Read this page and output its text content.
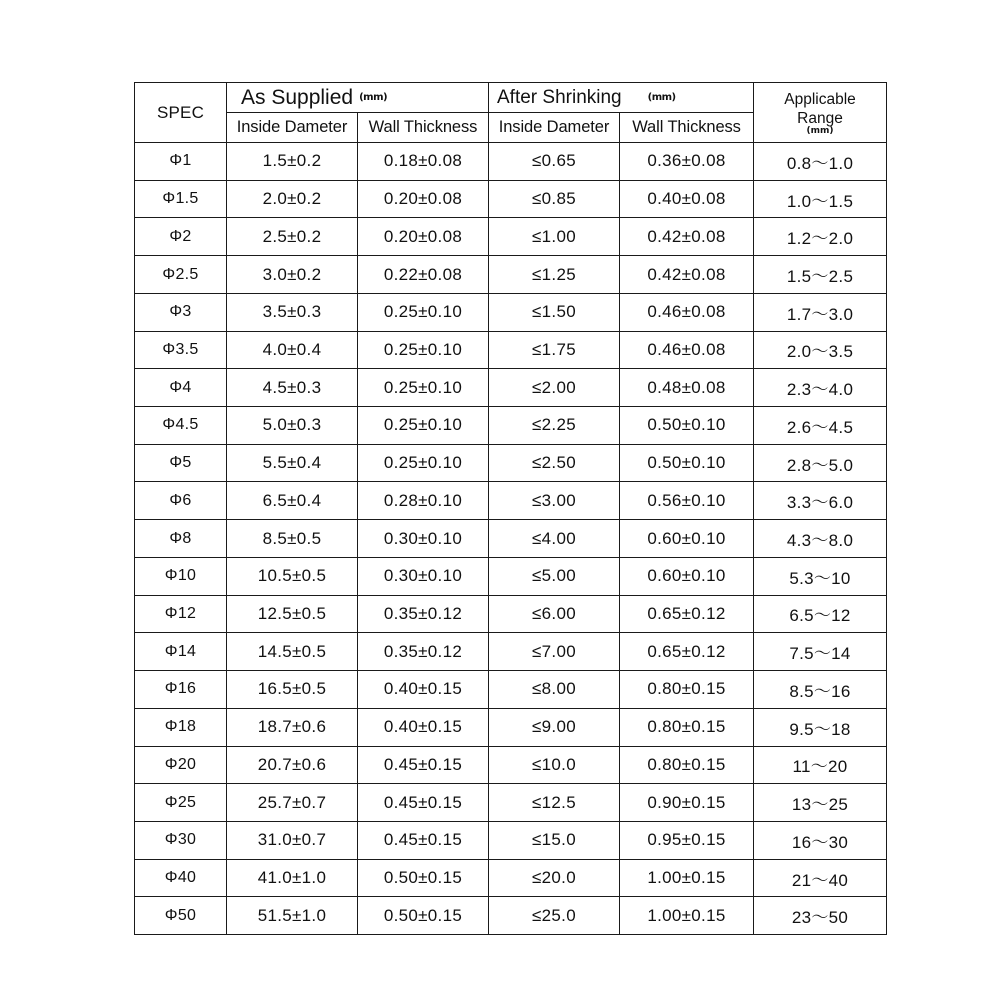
SPEC	As Supplied (mm)		After Shrinking (mm)		Applicable
Range
(mm)

	Inside Dameter	Wall Thickness	Inside Dameter	Wall Thickness	
Φ1	1.5±0.2	0.18±0.08	≤0.65	0.36±0.08	0.8～1.0
Φ1.5	2.0±0.2	0.20±0.08	≤0.85	0.40±0.08	1.0～1.5
Φ2	2.5±0.2	0.20±0.08	≤1.00	0.42±0.08	1.2～2.0
Φ2.5	3.0±0.2	0.22±0.08	≤1.25	0.42±0.08	1.5～2.5
Φ3	3.5±0.3	0.25±0.10	≤1.50	0.46±0.08	1.7～3.0
Φ3.5	4.0±0.4	0.25±0.10	≤1.75	0.46±0.08	2.0～3.5
Φ4	4.5±0.3	0.25±0.10	≤2.00	0.48±0.08	2.3～4.0
Φ4.5	5.0±0.3	0.25±0.10	≤2.25	0.50±0.10	2.6～4.5
Φ5	5.5±0.4	0.25±0.10	≤2.50	0.50±0.10	2.8～5.0
Φ6	6.5±0.4	0.28±0.10	≤3.00	0.56±0.10	3.3～6.0
Φ8	8.5±0.5	0.30±0.10	≤4.00	0.60±0.10	4.3～8.0
Φ10	10.5±0.5	0.30±0.10	≤5.00	0.60±0.10	5.3～10
Φ12	12.5±0.5	0.35±0.12	≤6.00	0.65±0.12	6.5～12
Φ14	14.5±0.5	0.35±0.12	≤7.00	0.65±0.12	7.5～14
Φ16	16.5±0.5	0.40±0.15	≤8.00	0.80±0.15	8.5～16
Φ18	18.7±0.6	0.40±0.15	≤9.00	0.80±0.15	9.5～18
Φ20	20.7±0.6	0.45±0.15	≤10.0	0.80±0.15	11～20
Φ25	25.7±0.7	0.45±0.15	≤12.5	0.90±0.15	13～25
Φ30	31.0±0.7	0.45±0.15	≤15.0	0.95±0.15	16～30
Φ40	41.0±1.0	0.50±0.15	≤20.0	1.00±0.15	21～40
Φ50	51.5±1.0	0.50±0.15	≤25.0	1.00±0.15	23～50
